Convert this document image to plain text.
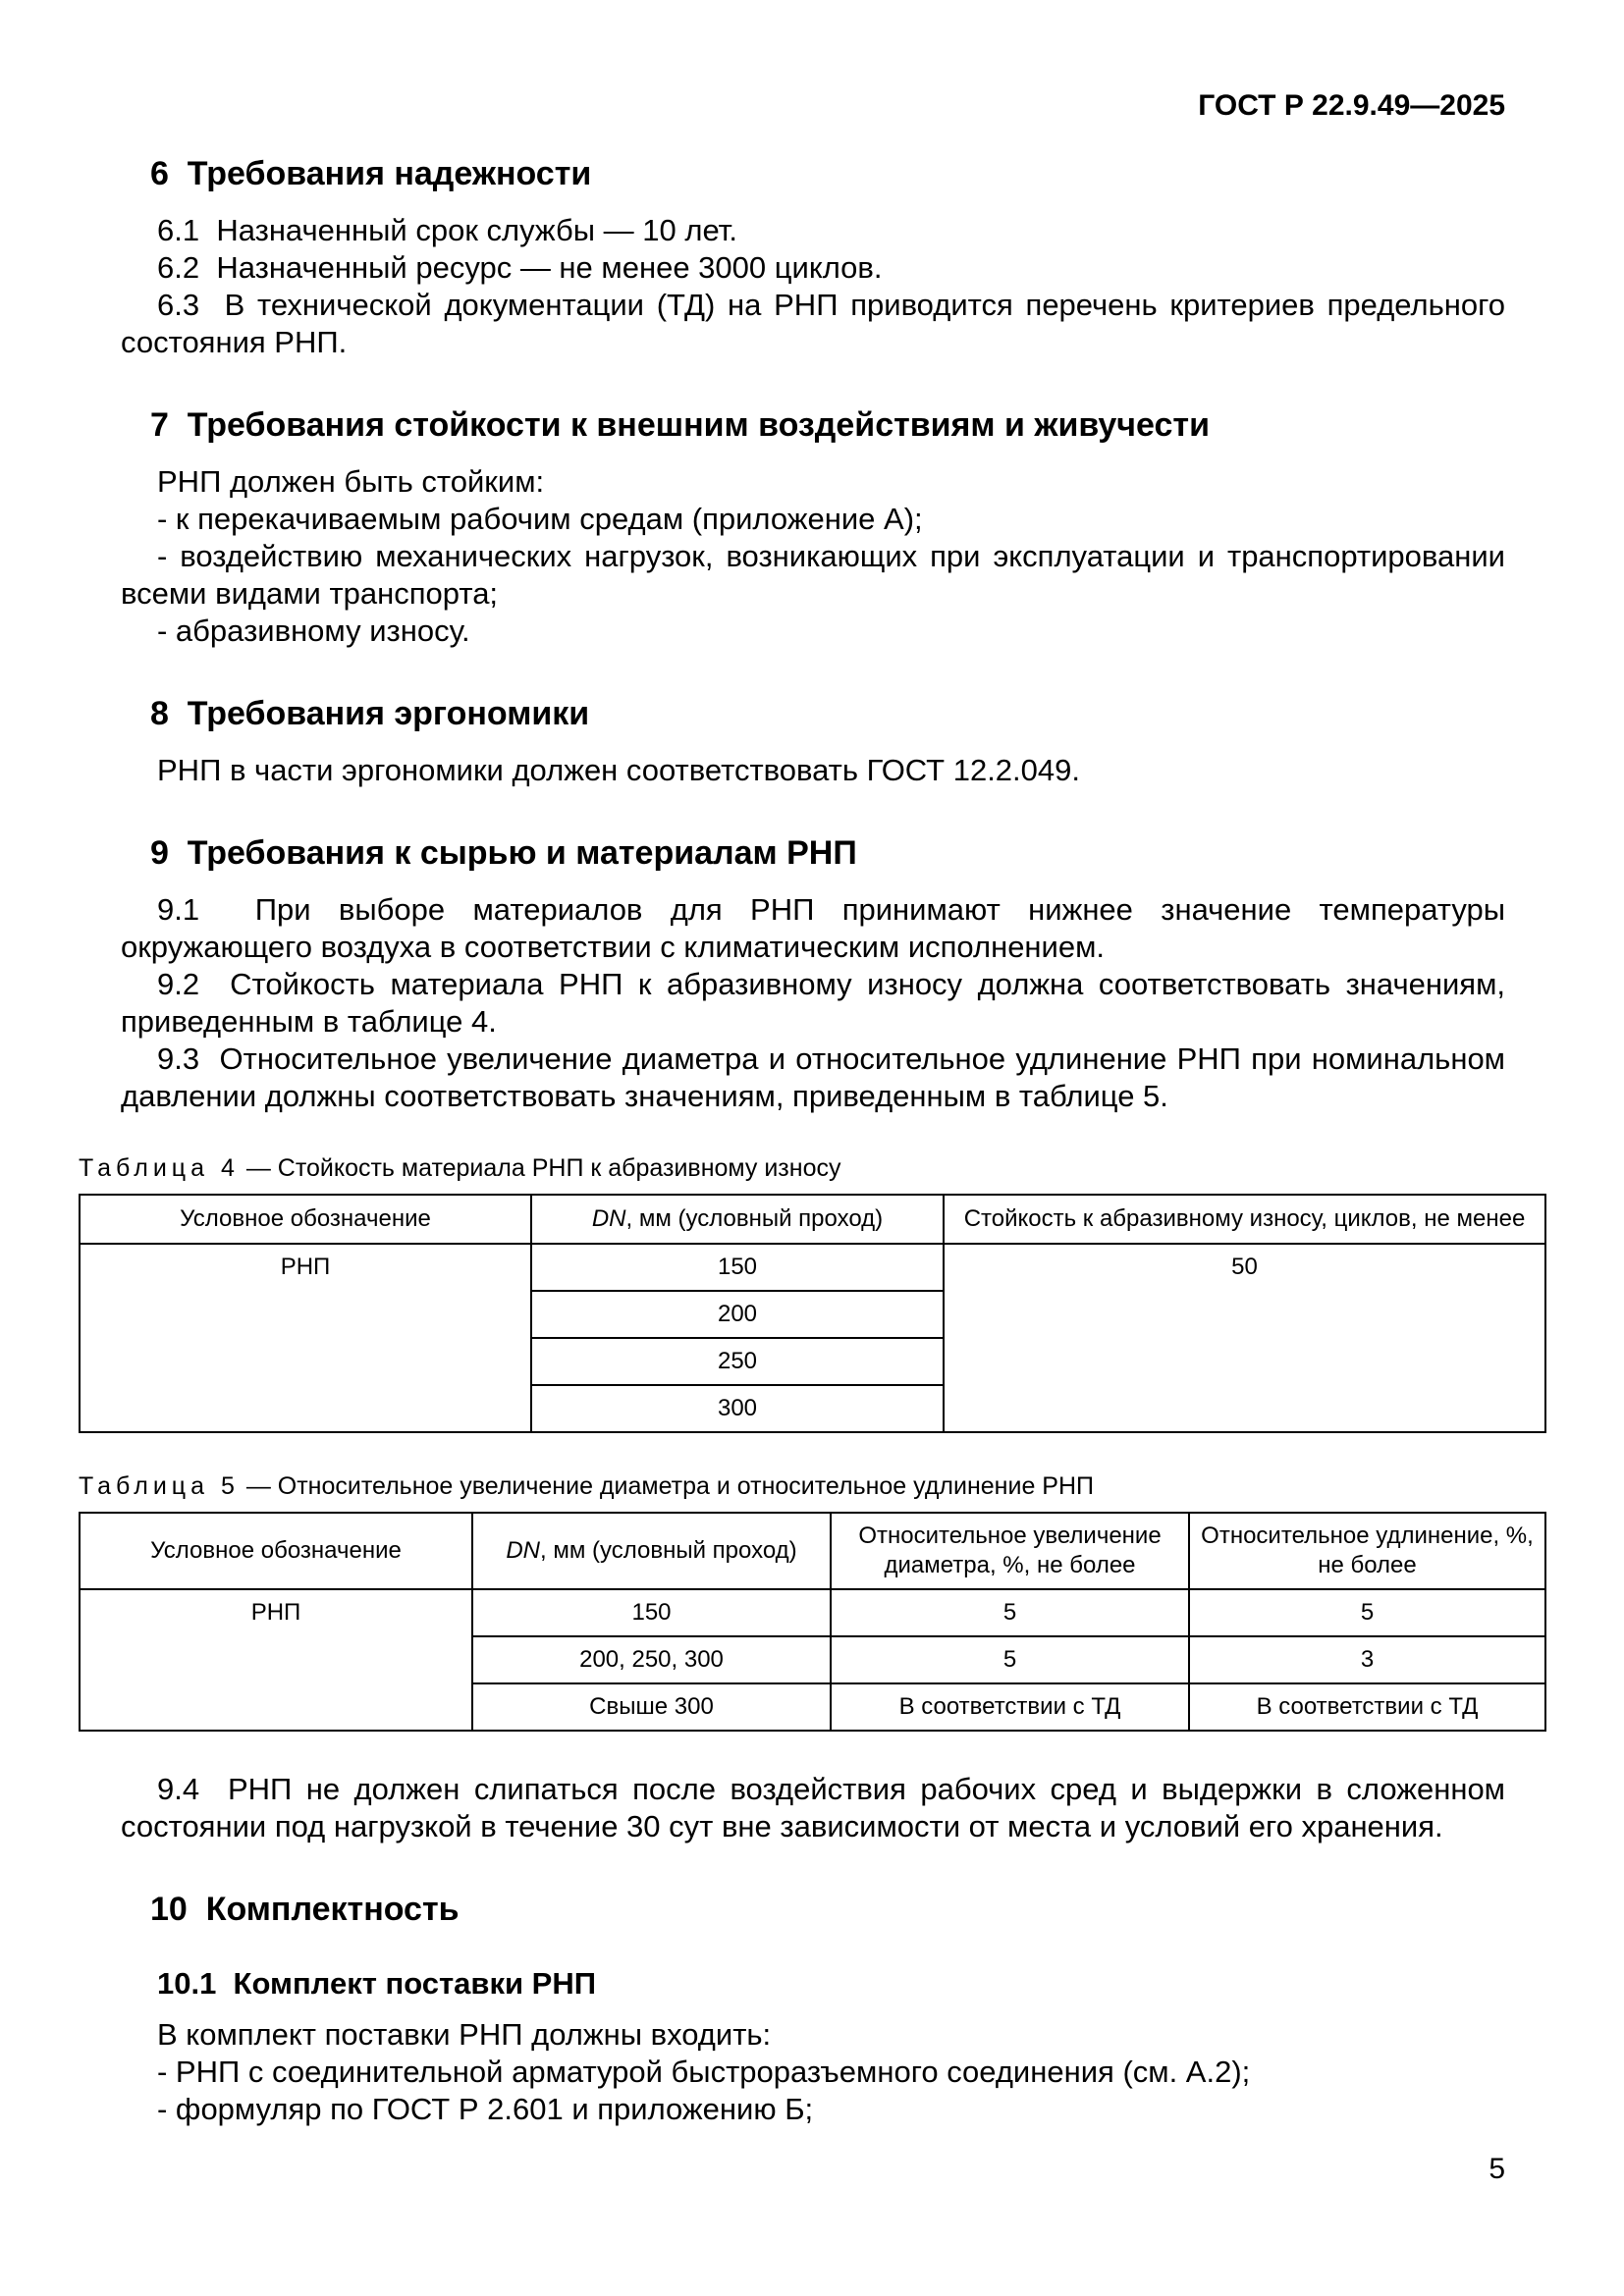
ГОСТ Р 22.9.49—2025
6  Требования надежности

6.1  Назначенный срок службы — 10 лет.

6.2  Назначенный ресурс — не менее 3000 циклов.

6.3  В технической документации (ТД) на РНП приводится перечень критериев предельного состояния РНП.

7  Требования стойкости к внешним воздействиям и живучести

РНП должен быть стойким:

- к перекачиваемым рабочим средам (приложение А);

- воздействию механических нагрузок, возникающих при эксплуатации и транспортировании всеми видами транспорта;

- абразивному износу.

8  Требования эргономики

РНП в части эргономики должен соответствовать ГОСТ 12.2.049.

9  Требования к сырью и материалам РНП

9.1  При выборе материалов для РНП принимают нижнее значение температуры окружающего воздуха в соответствии с климатическим исполнением.

9.2  Стойкость материала РНП к абразивному износу должна соответствовать значениям, приведенным в таблице 4.

9.3  Относительное увеличение диаметра и относительное удлинение РНП при номинальном давлении должны соответствовать значениям, приведенным в таблице 5.

Таблица 4 — Стойкость материала РНП к абразивному износу
Условное обозначение	DN, мм (условный проход)	Стойкость к абразивному износу, циклов, не менее
РНП	150	50
	200	
	250	
	300	
Таблица 5 — Относительное увеличение диаметра и относительное удлинение РНП
Условное обозначение	DN, мм (условный проход)	Относительное увеличение диаметра, %, не более	Относительное удлинение, %, не более
РНП	150	5	5
	200, 250, 300	5	3
	Свыше 300	В соответствии с ТД	В соответствии с ТД

9.4  РНП не должен слипаться после воздействия рабочих сред и выдержки в сложенном состоянии под нагрузкой в течение 30 сут вне зависимости от места и условий его хранения.

10  Комплектность
10.1  Комплект поставки РНП

В комплект поставки РНП должны входить:

- РНП с соединительной арматурой быстроразъемного соединения (см. А.2);

- формуляр по ГОСТ Р 2.601 и приложению Б;

5
